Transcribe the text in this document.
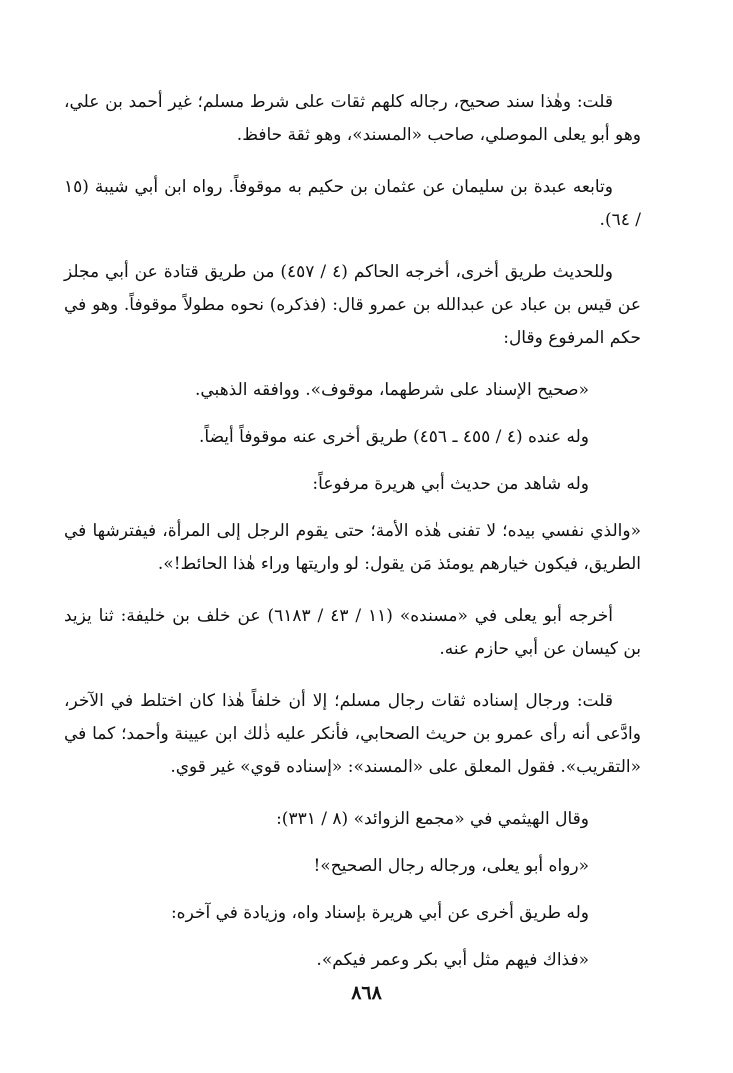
قلت: وهٰذا سند صحيح، رجاله كلهم ثقات على شرط مسلم؛ غير أحمد بن علي، وهو أبو يعلى الموصلي، صاحب «المسند»، وهو ثقة حافظ.

وتابعه عبدة بن سليمان عن عثمان بن حكيم به موقوفاً. رواه ابن أبي شيبة (١٥ / ٦٤).

وللحديث طريق أخرى، أخرجه الحاكم (٤ / ٤٥٧) من طريق قتادة عن أبي مجلز عن قيس بن عباد عن عبدالله بن عمرو قال: (فذكره) نحوه مطولاً موقوفاً. وهو في حكم المرفوع وقال:

«صحيح الإسناد على شرطهما، موقوف». ووافقه الذهبي.

وله عنده (٤ / ٤٥٥ ـ ٤٥٦) طريق أخرى عنه موقوفاً أيضاً.

وله شاهد من حديث أبي هريرة مرفوعاً:

«والذي نفسي بيده؛ لا تفنى هٰذه الأمة؛ حتى يقوم الرجل إلى المرأة، فيفترشها في الطريق، فيكون خيارهم يومئذ مَن يقول: لو واريتها وراء هٰذا الحائط!».

أخرجه أبو يعلى في «مسنده» (١١ / ٤٣ / ٦١٨٣) عن خلف بن خليفة: ثنا يزيد بن كيسان عن أبي حازم عنه.

قلت: ورجال إسناده ثقات رجال مسلم؛ إلا أن خلفاً هٰذا كان اختلط في الآخر، وادَّعى أنه رأى عمرو بن حريث الصحابي، فأنكر عليه ذٰلك ابن عيينة وأحمد؛ كما في «التقريب». فقول المعلق على «المسند»: «إسناده قوي» غير قوي.

وقال الهيثمي في «مجمع الزوائد» (٨ / ٣٣١):

«رواه أبو يعلى، ورجاله رجال الصحيح»!

وله طريق أخرى عن أبي هريرة بإسناد واه، وزيادة في آخره:

«فذاك فيهم مثل أبي بكر وعمر فيكم».

٨٦٨
